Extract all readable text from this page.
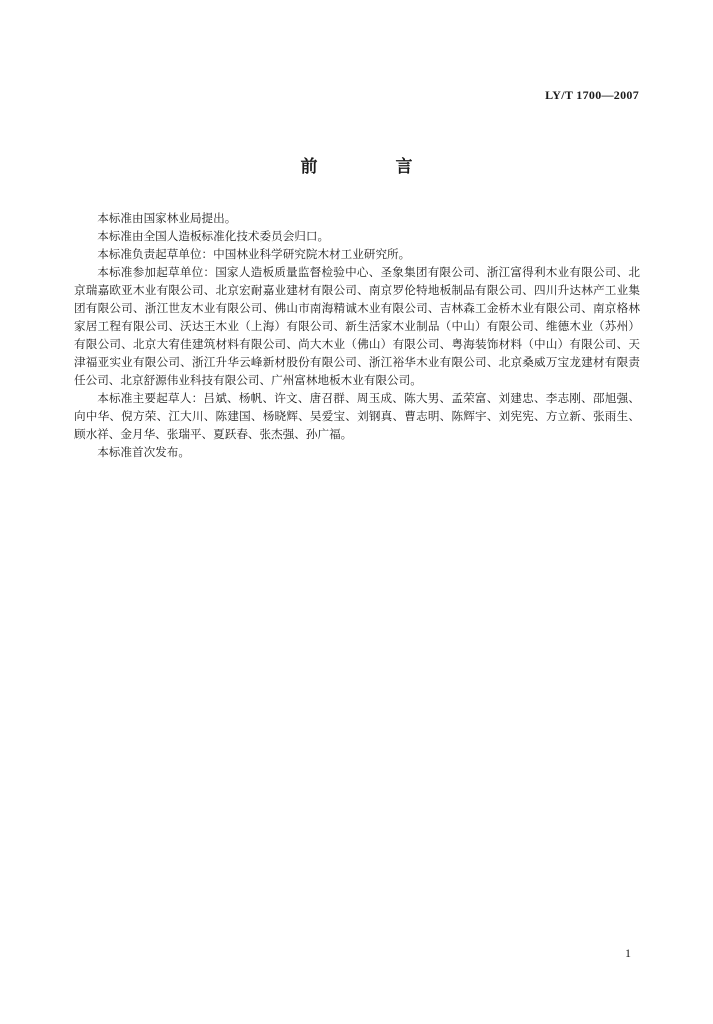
LY/T 1700—2007
前 言

本标准由国家林业局提出。

本标准由全国人造板标准化技术委员会归口。

本标准负责起草单位：中国林业科学研究院木材工业研究所。

本标准参加起草单位：国家人造板质量监督检验中心、圣象集团有限公司、浙江富得利木业有限公司、北京瑞嘉欧亚木业有限公司、北京宏耐嘉业建材有限公司、南京罗伦特地板制品有限公司、四川升达林产工业集团有限公司、浙江世友木业有限公司、佛山市南海精诚木业有限公司、吉林森工金桥木业有限公司、南京格林家居工程有限公司、沃达王木业（上海）有限公司、新生活家木业制品（中山）有限公司、维德木业（苏州）有限公司、北京大宥佳建筑材料有限公司、尚大木业（佛山）有限公司、粤海装饰材料（中山）有限公司、天津福亚实业有限公司、浙江升华云峰新材股份有限公司、浙江裕华木业有限公司、北京桑威万宝龙建材有限责任公司、北京舒源伟业科技有限公司、广州富林地板木业有限公司。

本标准主要起草人：吕斌、杨帆、许文、唐召群、周玉成、陈大男、孟荣富、刘建忠、李志刚、邵旭强、向中华、倪方荣、江大川、陈建国、杨晓辉、吴爱宝、刘钢真、曹志明、陈辉宇、刘宪宪、方立新、张雨生、顾水祥、金月华、张瑞平、夏跃春、张杰强、孙广福。

本标准首次发布。

1
